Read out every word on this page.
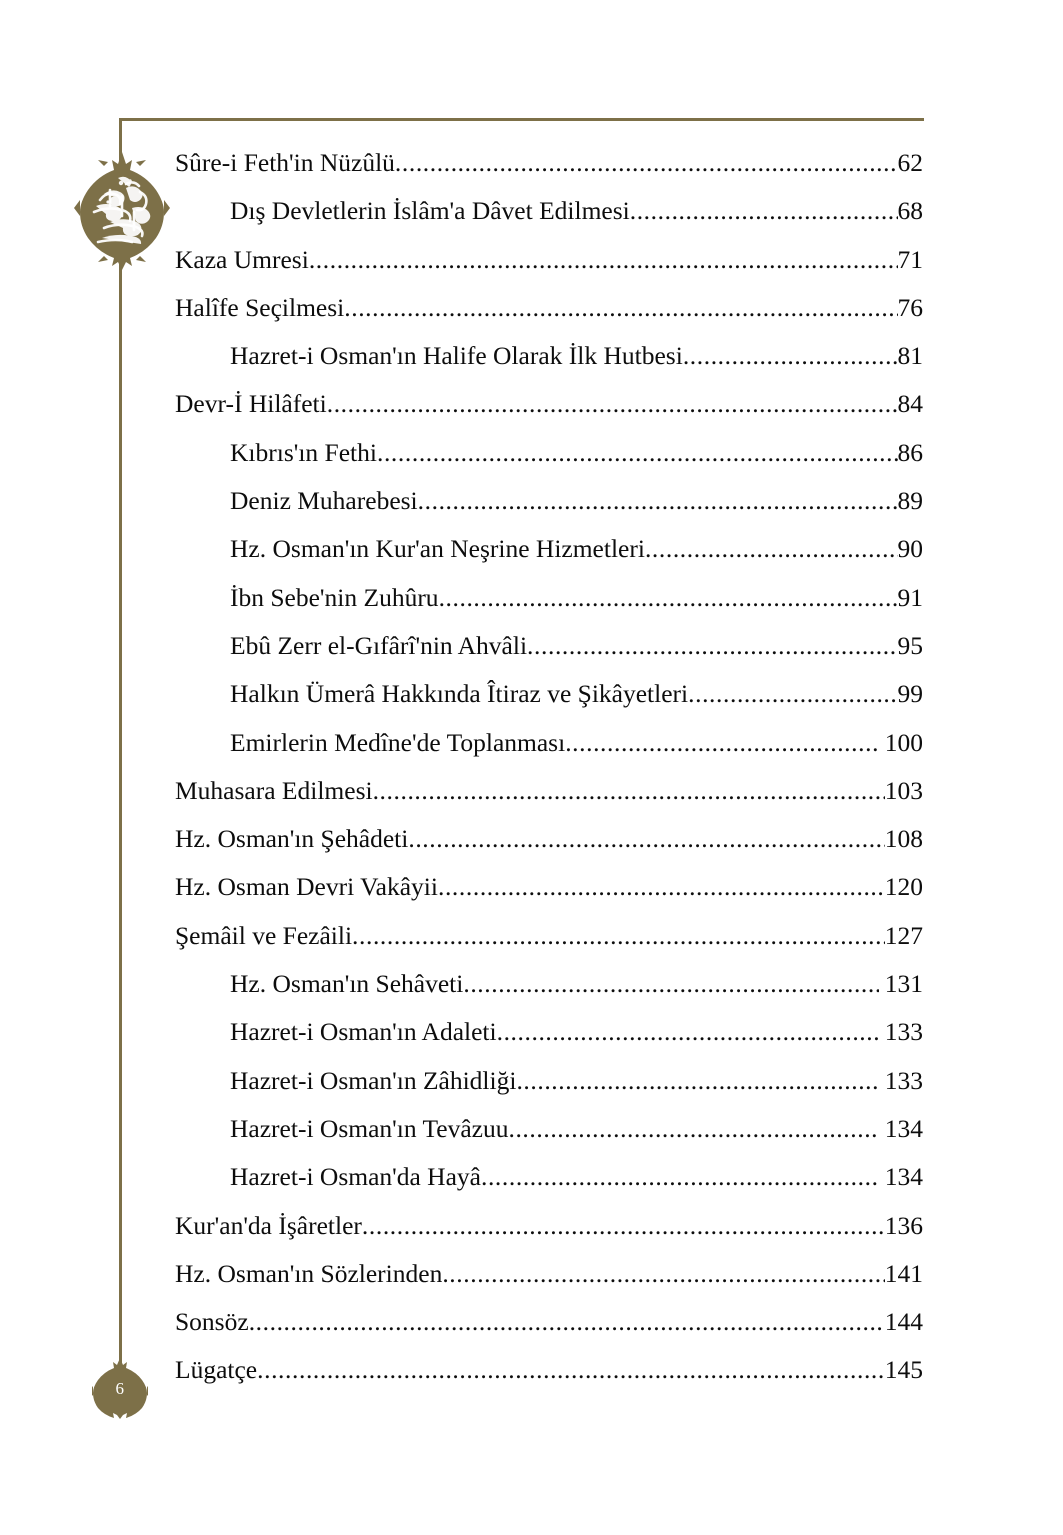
Sûre-i Feth'in Nüzûlü .....	62
Dış Devletlerin İslâm'a Dâvet Edilmesi .....	68
Kaza Umresi .....	71
Halîfe Seçilmesi .....	76
Hazret-i Osman'ın Halife Olarak İlk Hutbesi .....	81
Devr-İ Hilâfeti .....	84
Kıbrıs'ın Fethi .....	86
Deniz Muharebesi .....	89
Hz. Osman'ın Kur'an Neşrine Hizmetleri .....	90
İbn Sebe'nin Zuhûru .....	91
Ebû Zerr el-Gıfârî'nin Ahvâli .....	95
Halkın Ümerâ Hakkında Îtiraz ve Şikâyetleri .....	99
Emirlerin Medîne'de Toplanması .....	100
Muhasara Edilmesi .....	103
Hz. Osman'ın Şehâdeti .....	108
Hz. Osman Devri Vakâyii .....	120
Şemâil ve Fezâili .....	127
Hz. Osman'ın Sehâveti .....	131
Hazret-i Osman'ın Adaleti .....	133
Hazret-i Osman'ın Zâhidliği .....	133
Hazret-i Osman'ın Tevâzuu .....	134
Hazret-i Osman'da Hayâ .....	134
Kur'an'da İşâretler .....	136
Hz. Osman'ın Sözlerinden .....	141
Sonsöz .....	144
Lügatçe .....	145
6
